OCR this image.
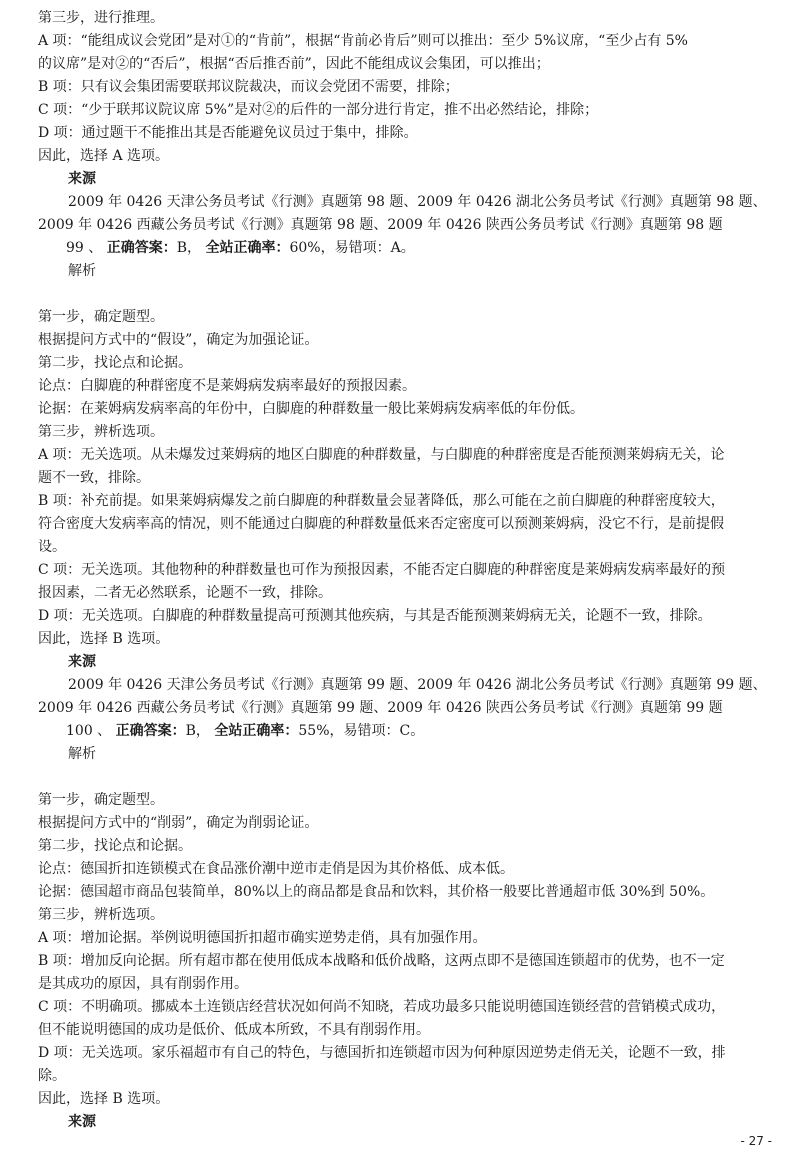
第三步，进行推理。
A 项：“能组成议会党团”是对①的“肯前”，根据“肯前必肯后”则可以推出：至少 5%议席，“至少占有 5%
的议席”是对②的“否后”，根据“否后推否前”，因此不能组成议会集团，可以推出；
B 项：只有议会集团需要联邦议院裁决，而议会党团不需要，排除；
C 项：“少于联邦议院议席 5%”是对②的后件的一部分进行肯定，推不出必然结论，排除；
D 项：通过题干不能推出其是否能避免议员过于集中，排除。
因此，选择 A 选项。
来源
2009 年 0426 天津公务员考试《行测》真题第 98 题、2009 年 0426 湖北公务员考试《行测》真题第 98 题、
2009 年 0426 西藏公务员考试《行测》真题第 98 题、2009 年 0426 陕西公务员考试《行测》真题第 98 题
99 、 正确答案：B， 全站正确率：60%，易错项：A。
解析
第一步，确定题型。
根据提问方式中的“假设”，确定为加强论证。
第二步，找论点和论据。
论点：白脚鹿的种群密度不是莱姆病发病率最好的预报因素。
论据：在莱姆病发病率高的年份中，白脚鹿的种群数量一般比莱姆病发病率低的年份低。
第三步，辨析选项。
A 项：无关选项。从未爆发过莱姆病的地区白脚鹿的种群数量，与白脚鹿的种群密度是否能预测莱姆病无关，论
题不一致，排除。
B 项：补充前提。如果莱姆病爆发之前白脚鹿的种群数量会显著降低，那么可能在之前白脚鹿的种群密度较大，
符合密度大发病率高的情况，则不能通过白脚鹿的种群数量低来否定密度可以预测莱姆病，没它不行，是前提假
设。
C 项：无关选项。其他物种的种群数量也可作为预报因素，不能否定白脚鹿的种群密度是莱姆病发病率最好的预
报因素，二者无必然联系，论题不一致，排除。
D 项：无关选项。白脚鹿的种群数量提高可预测其他疾病，与其是否能预测莱姆病无关，论题不一致，排除。
因此，选择 B 选项。
来源
2009 年 0426 天津公务员考试《行测》真题第 99 题、2009 年 0426 湖北公务员考试《行测》真题第 99 题、
2009 年 0426 西藏公务员考试《行测》真题第 99 题、2009 年 0426 陕西公务员考试《行测》真题第 99 题
100 、 正确答案：B， 全站正确率：55%，易错项：C。
解析
第一步，确定题型。
根据提问方式中的“削弱”，确定为削弱论证。
第二步，找论点和论据。
论点：德国折扣连锁模式在食品涨价潮中逆市走俏是因为其价格低、成本低。
论据：德国超市商品包装简单，80%以上的商品都是食品和饮料，其价格一般要比普通超市低 30%到 50%。
第三步，辨析选项。
A 项：增加论据。举例说明德国折扣超市确实逆势走俏，具有加强作用。
B 项：增加反向论据。所有超市都在使用低成本战略和低价战略，这两点即不是德国连锁超市的优势，也不一定
是其成功的原因，具有削弱作用。
C 项：不明确项。挪威本土连锁店经营状况如何尚不知晓，若成功最多只能说明德国连锁经营的营销模式成功，
但不能说明德国的成功是低价、低成本所致，不具有削弱作用。
D 项：无关选项。家乐福超市有自己的特色，与德国折扣连锁超市因为何种原因逆势走俏无关，论题不一致，排
除。
因此，选择 B 选项。
来源
- 27 -
